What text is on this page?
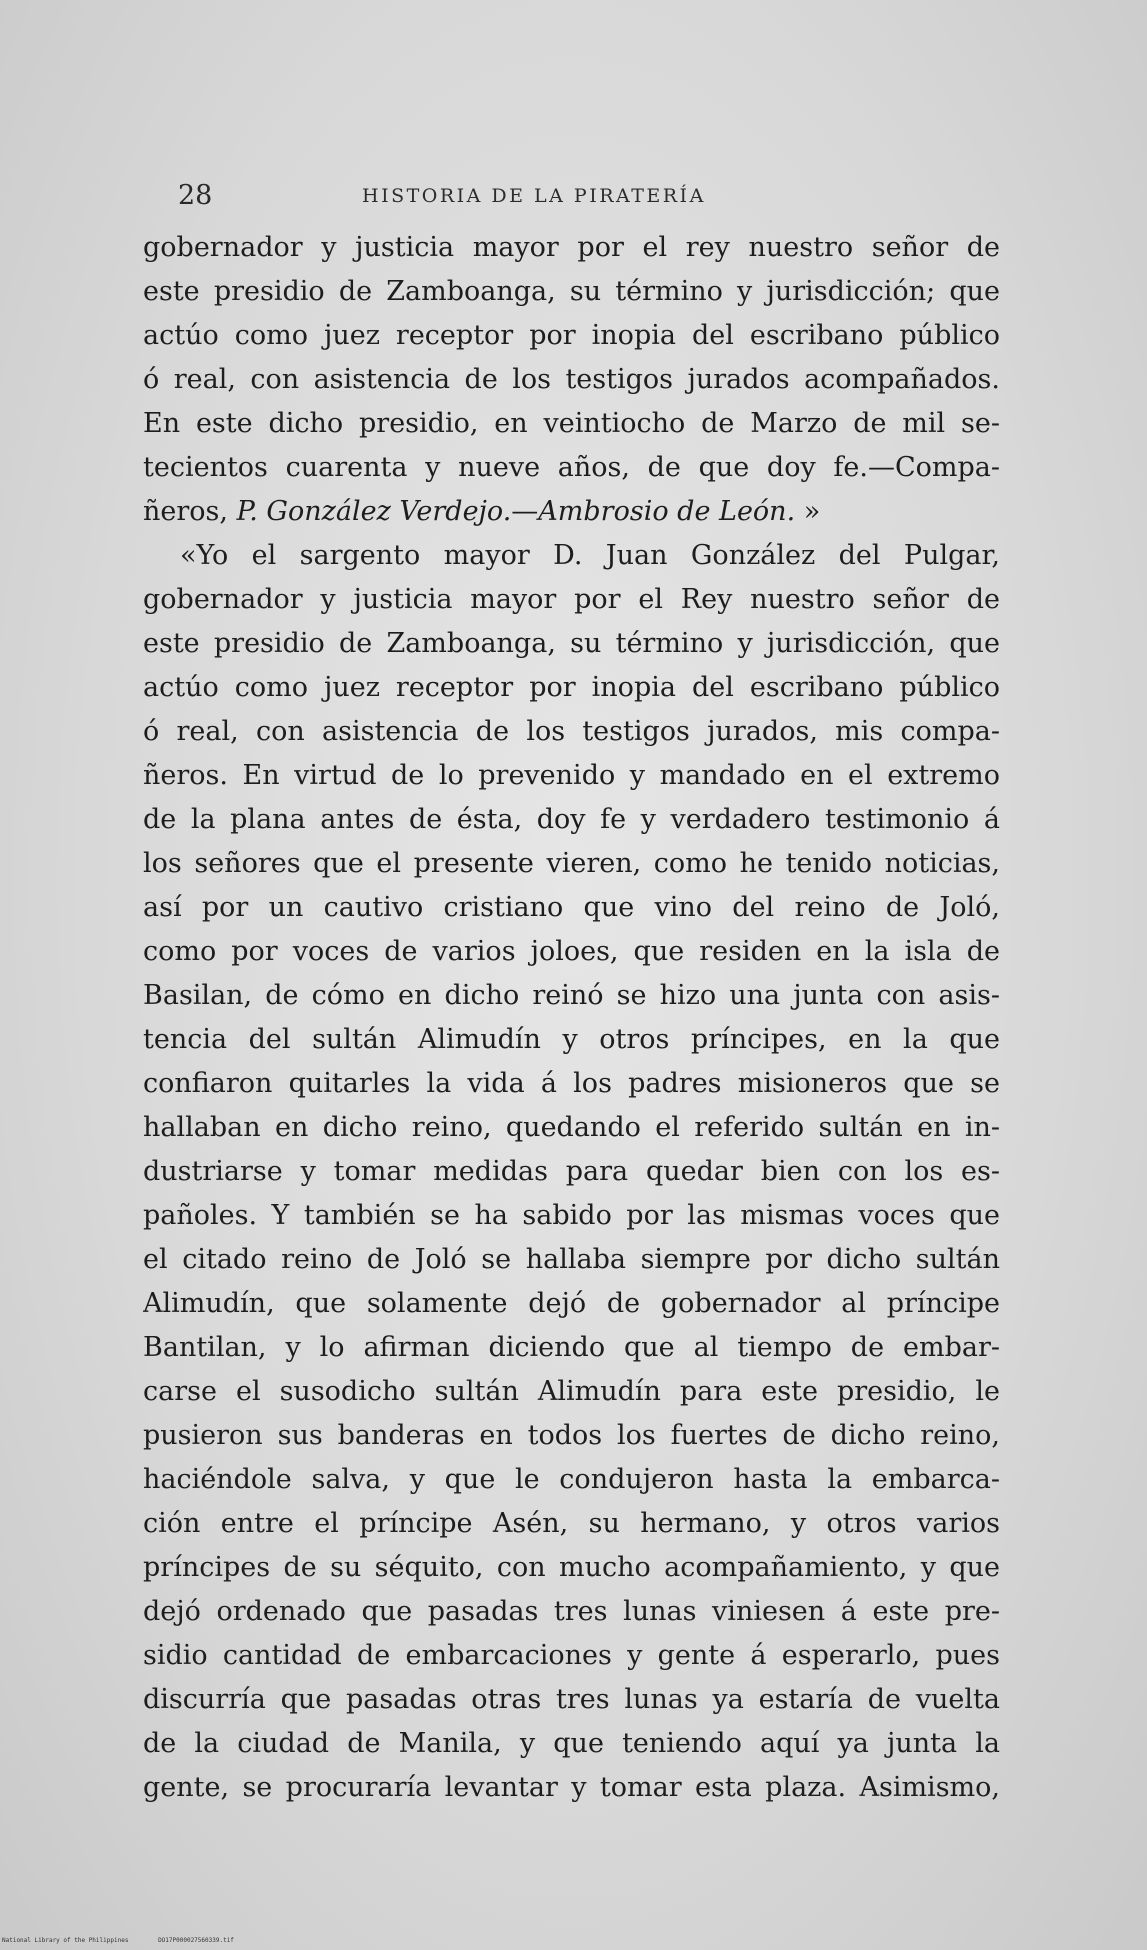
28	HISTORIA DE LA PIRATERÍA
gobernador y justicia mayor por el rey nuestro señor de
este presidio de Zamboanga, su término y jurisdicción; que
actúo como juez receptor por inopia del escribano público
ó real, con asistencia de los testigos jurados acompañados.
En este dicho presidio, en veintiocho de Marzo de mil se-
tecientos cuarenta y nueve años, de que doy fe.—Compa-
ñeros, P. González Verdejo.—Ambrosio de León. »
«Yo el sargento mayor D. Juan González del Pulgar,
gobernador y justicia mayor por el Rey nuestro señor de
este presidio de Zamboanga, su término y jurisdicción, que
actúo como juez receptor por inopia del escribano público
ó real, con asistencia de los testigos jurados, mis compa-
ñeros. En virtud de lo prevenido y mandado en el extremo
de la plana antes de ésta, doy fe y verdadero testimonio á
los señores que el presente vieren, como he tenido noticias,
así por un cautivo cristiano que vino del reino de Joló,
como por voces de varios joloes, que residen en la isla de
Basilan, de cómo en dicho reinó se hizo una junta con asis-
tencia del sultán Alimudín y otros príncipes, en la que
confiaron quitarles la vida á los padres misioneros que se
hallaban en dicho reino, quedando el referido sultán en in-
dustriarse y tomar medidas para quedar bien con los es-
pañoles. Y también se ha sabido por las mismas voces que
el citado reino de Joló se hallaba siempre por dicho sultán
Alimudín, que solamente dejó de gobernador al príncipe
Bantilan, y lo afirman diciendo que al tiempo de embar-
carse el susodicho sultán Alimudín para este presidio, le
pusieron sus banderas en todos los fuertes de dicho reino,
haciéndole salva, y que le condujeron hasta la embarca-
ción entre el príncipe Asén, su hermano, y otros varios
príncipes de su séquito, con mucho acompañamiento, y que
dejó ordenado que pasadas tres lunas viniesen á este pre-
sidio cantidad de embarcaciones y gente á esperarlo, pues
discurría que pasadas otras tres lunas ya estaría de vuelta
de la ciudad de Manila, y que teniendo aquí ya junta la
gente, se procuraría levantar y tomar esta plaza. Asimismo,
National Library of the Philippines	DO17P000027560339.tif
